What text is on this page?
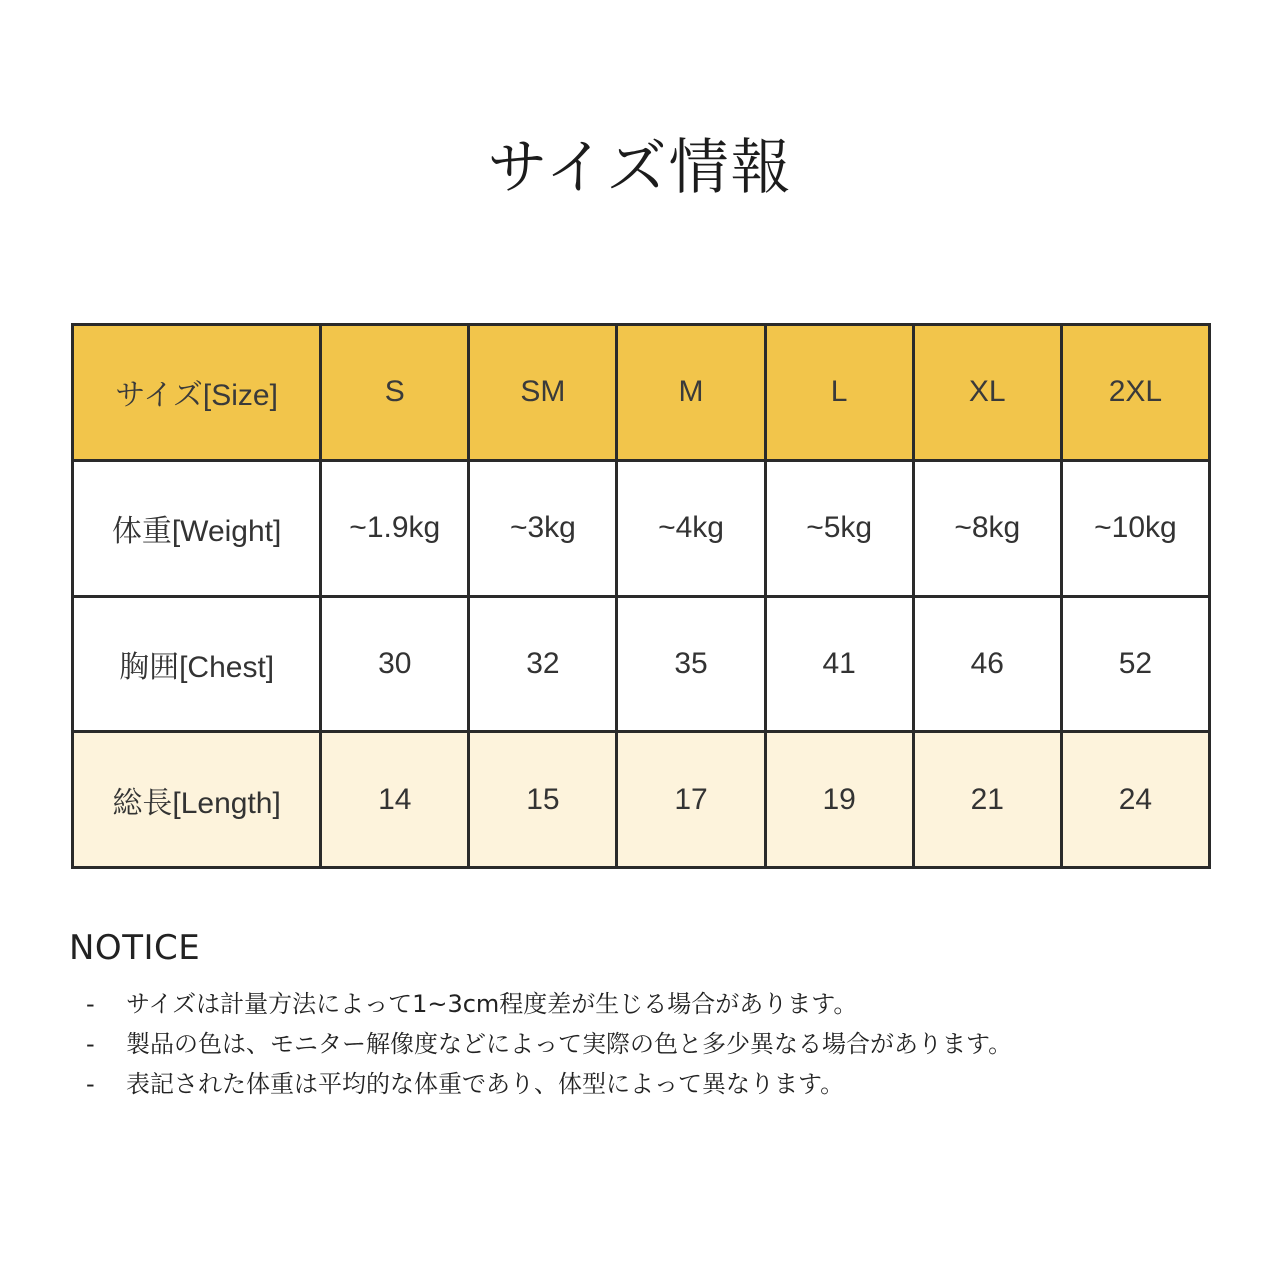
サイズ情報
サイズ[Size]	S	SM	M	L	XL	2XL
体重[Weight]	~1.9kg	~3kg	~4kg	~5kg	~8kg	~10kg
胸囲[Chest]	30	32	35	41	46	52
総長[Length]	14	15	17	19	21	24
NOTICE
- サイズは計量方法によって1~3cm程度差が生じる場合があります。
- 製品の色は、モニター解像度などによって実際の色と多少異なる場合があります。
- 表記された体重は平均的な体重であり、体型によって異なります。
